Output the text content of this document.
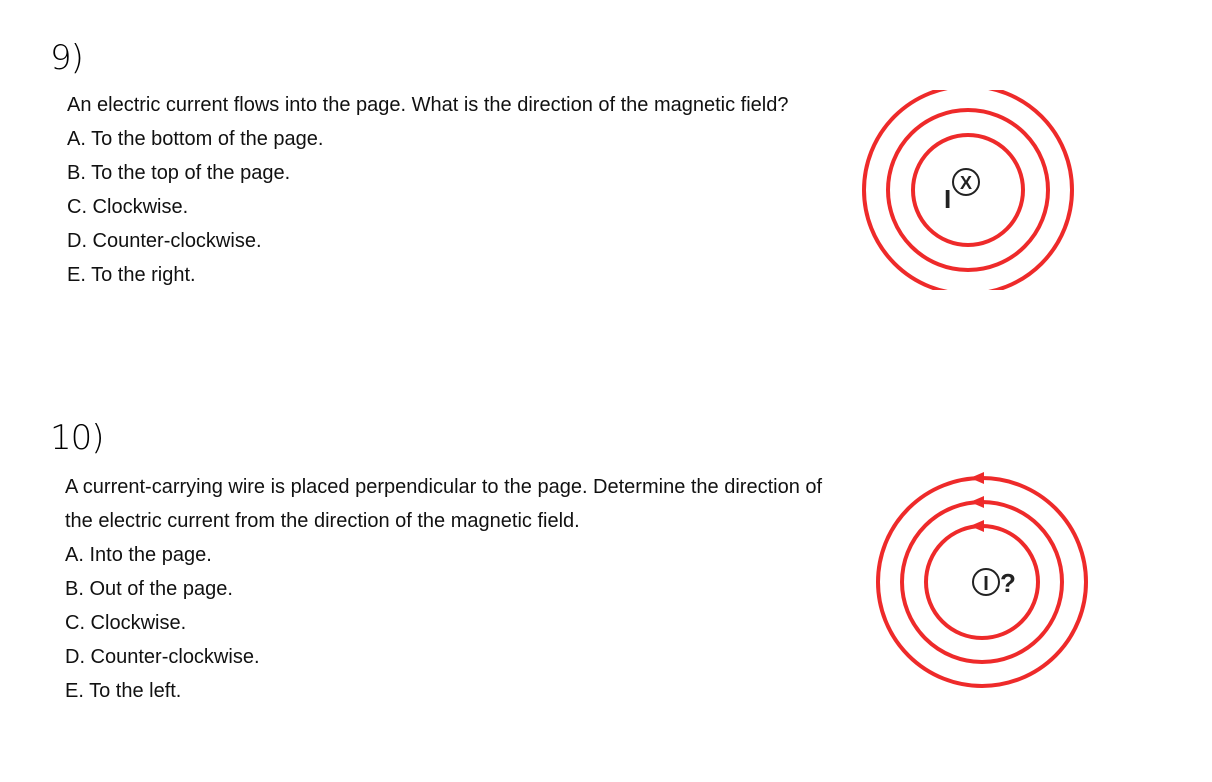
9)

An electric current flows into the page. What is the direction of the magnetic field?

A. To the bottom of the page.
B. To the top of the page.
C. Clockwise.
D. Counter-clockwise.
E. To the right.
I
X
10)

A current-carrying wire is placed perpendicular to the page. Determine the direction of the electric current from the direction of the magnetic field.

A. Into the page.
B. Out of the page.
C. Clockwise.
D. Counter-clockwise.
E. To the left.
I ?
